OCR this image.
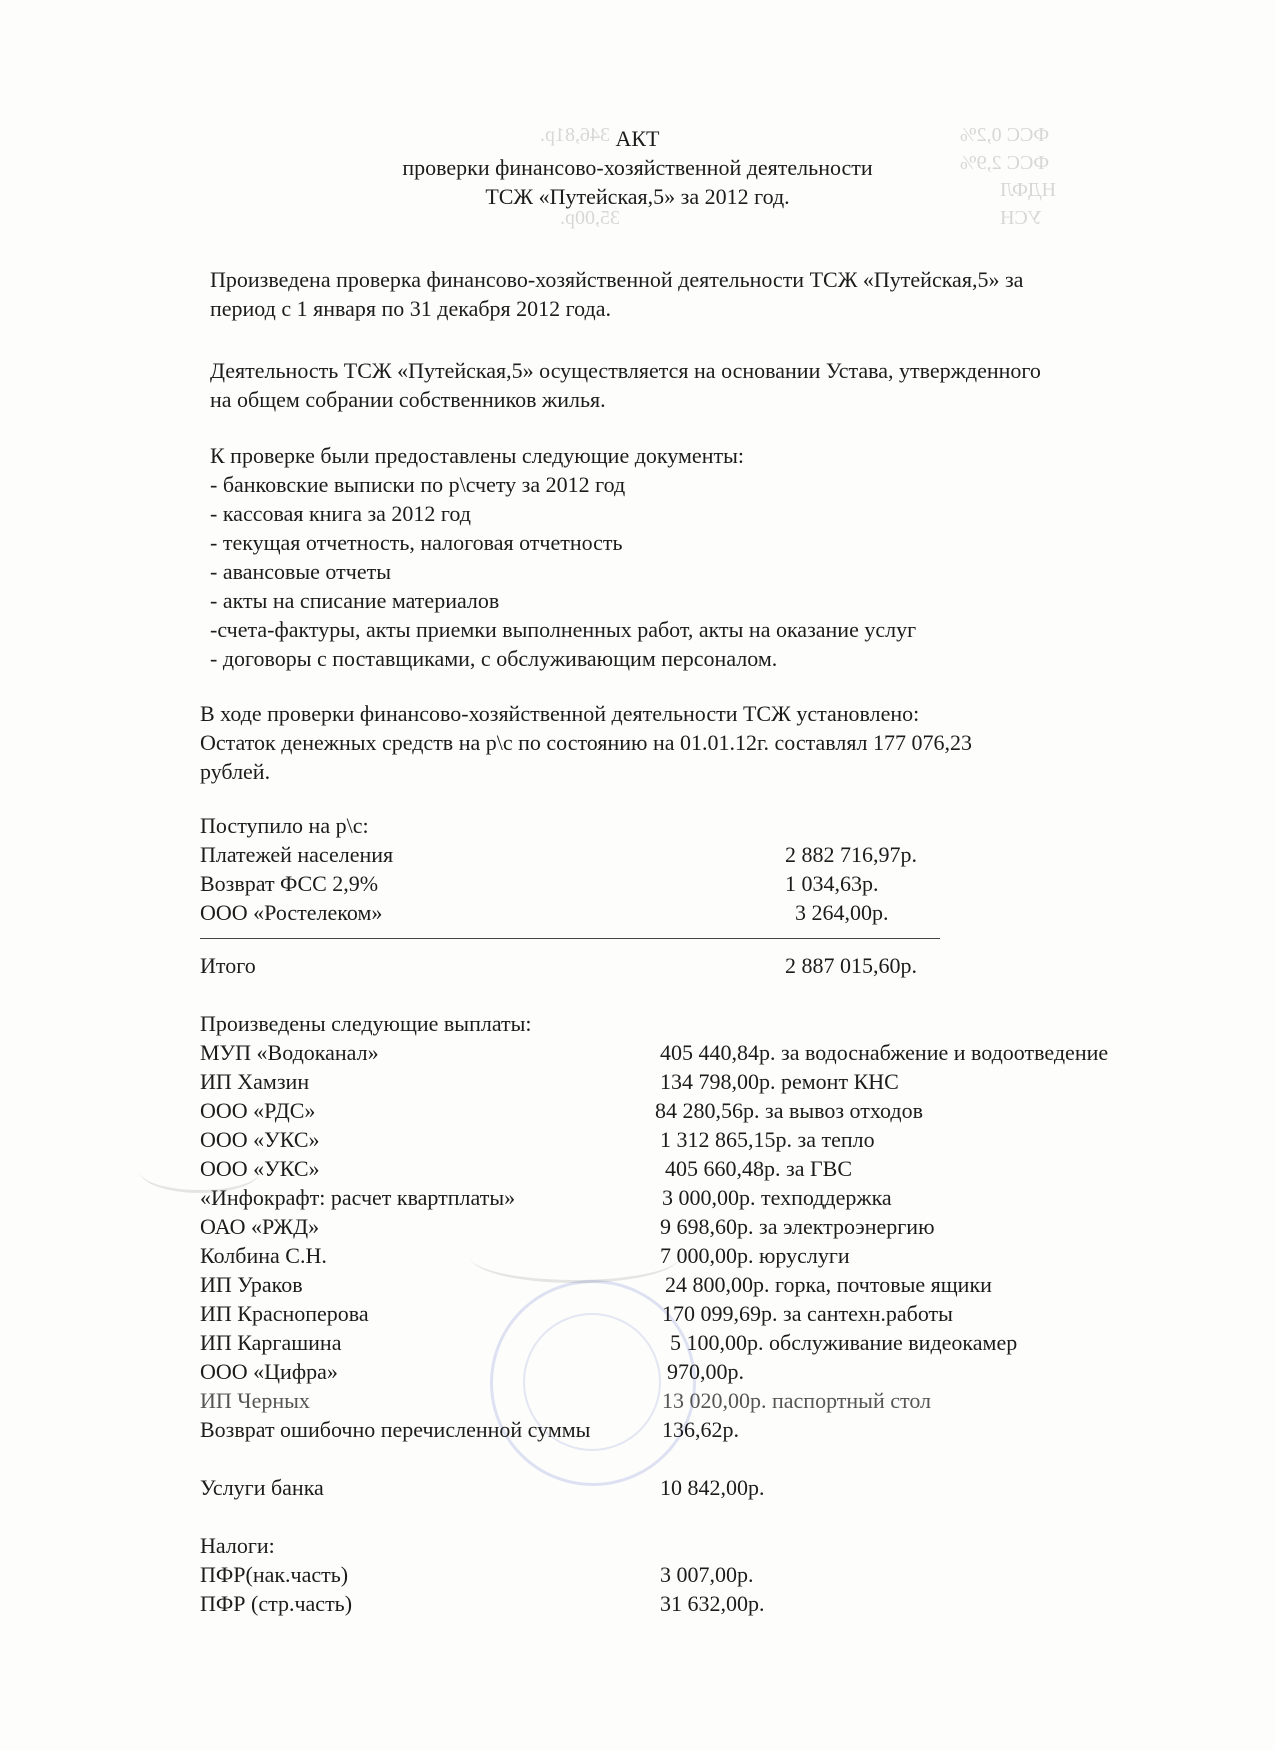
ФСС 0,2%
ФСС 2,9%
НДФЛ
УСН
346,81р.
35,00р.
АКТ
проверки финансово-хозяйственной деятельности
ТСЖ «Путейская,5» за 2012 год.
Произведена проверка финансово-хозяйственной деятельности ТСЖ «Путейская,5» за
период с 1 января по 31 декабря 2012 года.
Деятельность ТСЖ «Путейская,5» осуществляется на основании Устава, утвержденного
на общем собрании собственников жилья.
К проверке были предоставлены следующие документы:
- банковские выписки по р\счету за 2012 год
- кассовая книга за 2012 год
- текущая отчетность, налоговая отчетность
- авансовые отчеты
- акты на списание материалов
-счета-фактуры, акты приемки выполненных работ, акты на оказание услуг
- договоры с поставщиками, с обслуживающим персоналом.
В ходе проверки финансово-хозяйственной деятельности ТСЖ установлено:
Остаток денежных средств на р\с по состоянию на 01.01.12г. составлял 177 076,23
рублей.
Поступило на р\с:
Платежей населения	2 882 716,97р.
Возврат ФСС 2,9%	1 034,63р.
ООО «Ростелеком»	3 264,00р.
Итого	2 887 015,60р.
Произведены следующие выплаты:
МУП «Водоканал»	405 440,84р. за водоснабжение и водоотведение
ИП Хамзин	134 798,00р. ремонт КНС
ООО «РДС»	84 280,56р. за вывоз отходов
ООО «УКС»	1 312 865,15р. за тепло
ООО «УКС»	405 660,48р. за ГВС
«Инфокрафт: расчет квартплаты»	3 000,00р. техподдержка
ОАО «РЖД»	9 698,60р. за электроэнергию
Колбина С.Н.	7 000,00р. юруслуги
ИП Ураков	24 800,00р. горка, почтовые ящики
ИП Красноперова	170 099,69р. за сантехн.работы
ИП Каргашина	5 100,00р. обслуживание видеокамер
ООО «Цифра»	970,00р.
ИП Черных	13 020,00р. паспортный стол
Возврат ошибочно перечисленной суммы	136,62р.
Услуги банка	10 842,00р.
Налоги:
ПФР(нак.часть)	3 007,00р.
ПФР (стр.часть)	31 632,00р.
